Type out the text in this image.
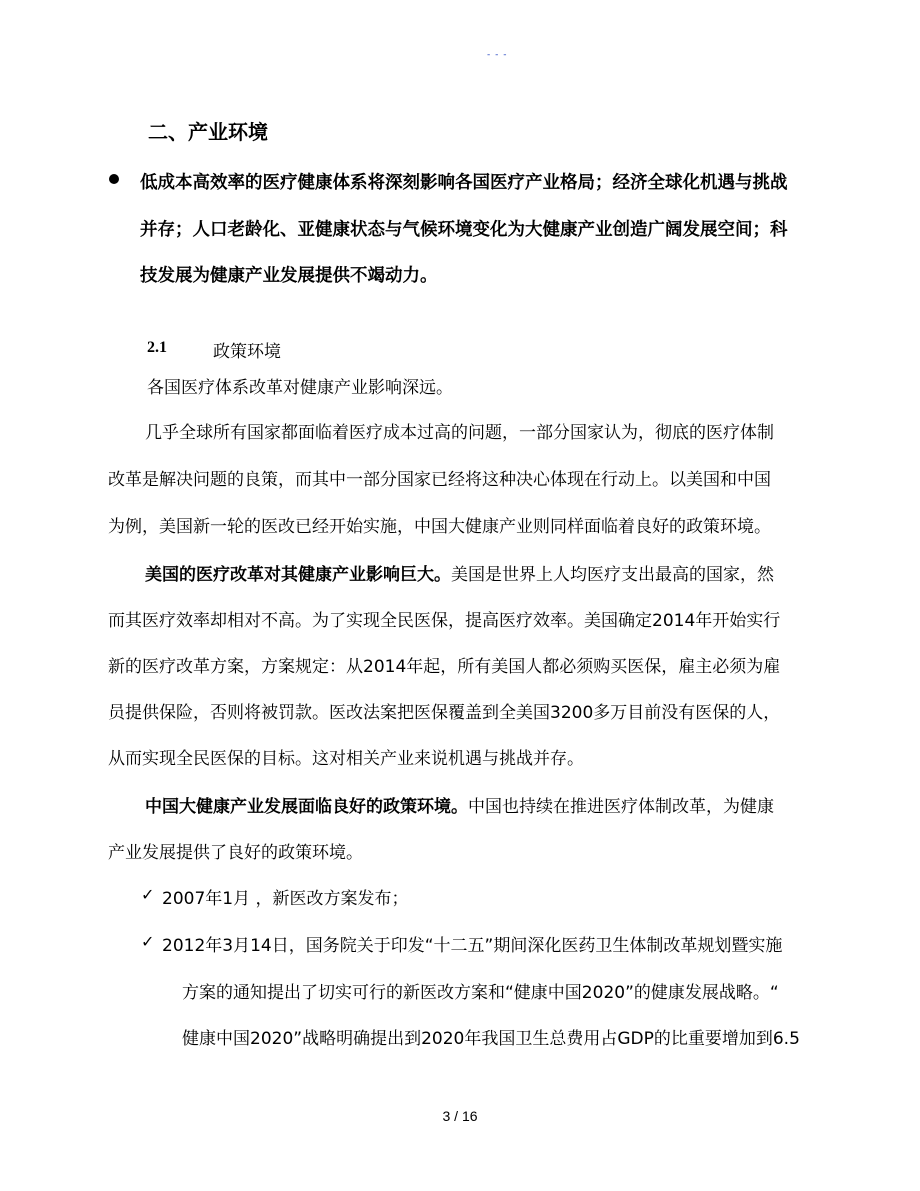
- - -
二、产业环境
低成本高效率的医疗健康体系将深刻影响各国医疗产业格局；经济全球化机遇与挑战
并存；人口老龄化、亚健康状态与气候环境变化为大健康产业创造广阔发展空间；科
技发展为健康产业发展提供不竭动力。
2.1	政策环境
各国医疗体系改革对健康产业影响深远。
几乎全球所有国家都面临着医疗成本过高的问题，一部分国家认为，彻底的医疗体制
改革是解决问题的良策，而其中一部分国家已经将这种决心体现在行动上。以美国和中国
为例，美国新一轮的医改已经开始实施，中国大健康产业则同样面临着良好的政策环境。
美国的医疗改革对其健康产业影响巨大。美国是世界上人均医疗支出最高的国家，然
而其医疗效率却相对不高。为了实现全民医保，提高医疗效率。美国确定2014年开始实行
新的医疗改革方案，方案规定：从2014年起，所有美国人都必须购买医保，雇主必须为雇
员提供保险，否则将被罚款。医改法案把医保覆盖到全美国3200多万目前没有医保的人，
从而实现全民医保的目标。这对相关产业来说机遇与挑战并存。
中国大健康产业发展面临良好的政策环境。中国也持续在推进医疗体制改革，为健康
产业发展提供了良好的政策环境。
✓ 2007年1月 ，新医改方案发布；
✓ 2012年3月14日，国务院关于印发“十二五”期间深化医药卫生体制改革规划暨实施
方案的通知提出了切实可行的新医改方案和“健康中国2020”的健康发展战略。“
健康中国2020”战略明确提出到2020年我国卫生总费用占GDP的比重要增加到6.5
3 / 16
